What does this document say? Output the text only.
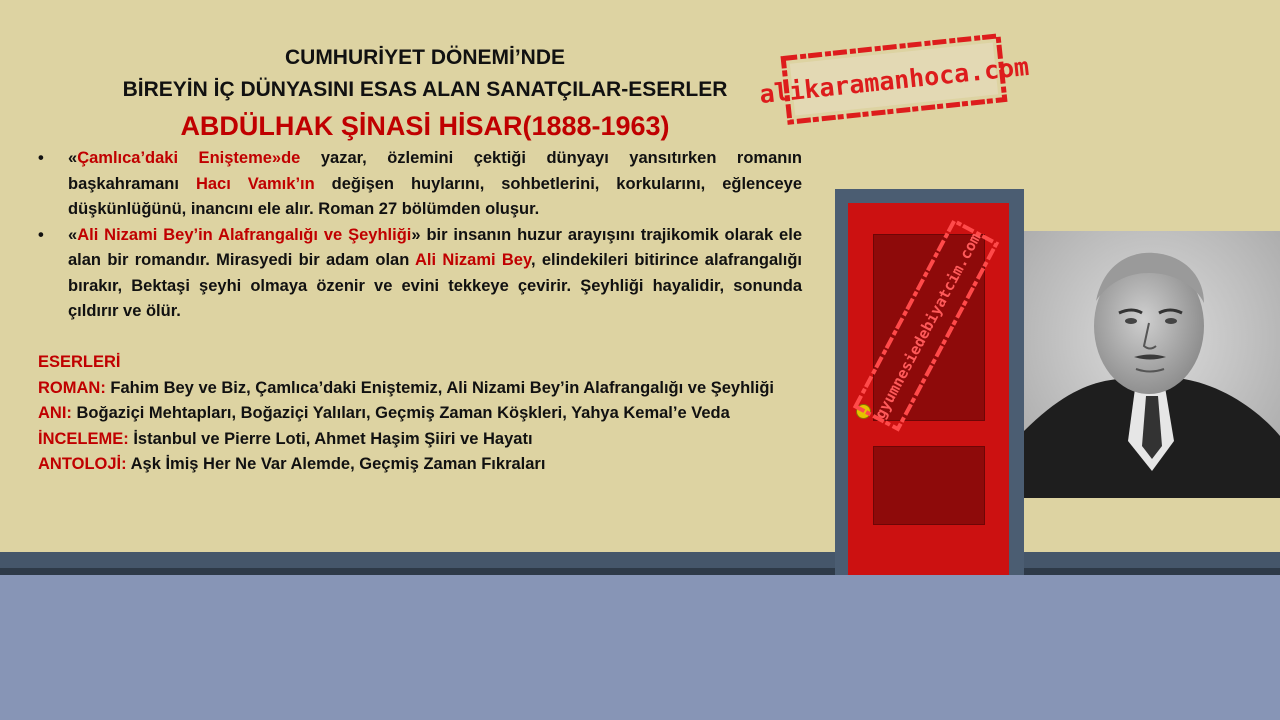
CUMHURİYET DÖNEMİ’NDE
BİREYİN İÇ DÜNYASINI ESAS ALAN SANATÇILAR-ESERLER
ABDÜLHAK ŞİNASİ HİSAR(1888-1963)
• «Çamlıca’daki Enişteme»de yazar, özlemini çektiği dünyayı yansıtırken romanın başkahramanı Hacı Vamık’ın değişen huylarını, sohbetlerini, korkularını, eğlenceye düşkünlüğünü, inancını ele alır. Roman 27 bölümden oluşur.
• «Ali Nizami Bey’in Alafrangalığı ve Şeyhliği» bir insanın huzur arayışını trajikomik olarak ele alan bir romandır. Mirasyedi bir adam olan Ali Nizami Bey, elindekileri bitirince alafrangalığı bırakır, Bektaşi şeyhi olmaya özenir ve evini tekkeye çevirir. Şeyhliği hayalidir, sonunda çıldırır ve ölür.
ESERLERİ
ROMAN: Fahim Bey ve Biz, Çamlıca’daki Eniştemiz, Ali Nizami Bey’in Alafrangalığı ve Şeyhliği
ANI: Boğaziçi Mehtapları, Boğaziçi Yalıları, Geçmiş Zaman Köşkleri, Yahya Kemal’e Veda
İNCELEME: İstanbul ve Pierre Loti, Ahmet Haşim Şiiri ve Hayatı
ANTOLOJİ: Aşk İmiş Her Ne Var Alemde, Geçmiş Zaman Fıkraları
alikaramanhoca.com
gyumnesiedebiyatcim.com
